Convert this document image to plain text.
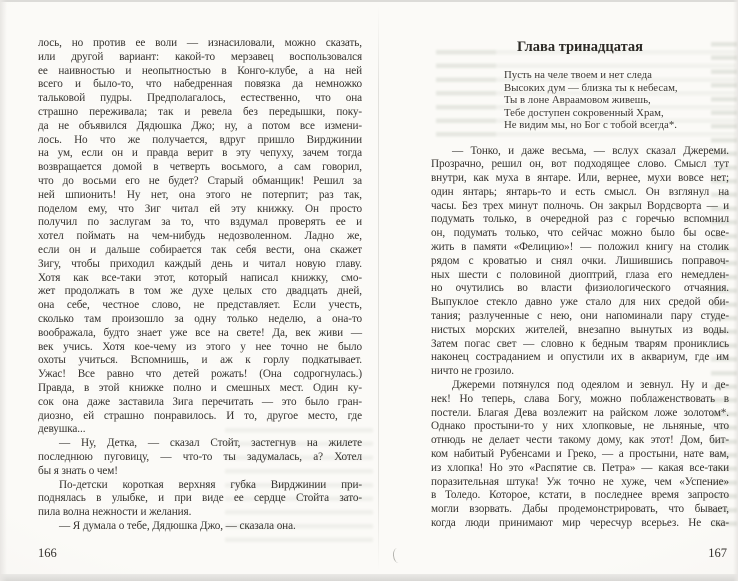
лось, но против ее воли — изнасиловали, можно сказать,
или другой вариант: какой-то мерзавец воспользовался
ее наивностью и неопытностью в Конго-клубе, а на ней
всего и было-то, что набедренная повязка да немножко
тальковой пудры. Предполагалось, естественно, что она
страшно переживала; так и ревела без передышки, поку-
да не объявился Дядюшка Джо; ну, а потом все измени-
лось. Но что же получается, вдруг пришло Вирджинии
на ум, если он и правда верит в эту чепуху, зачем тогда
возвращается домой в четверть восьмого, а сам говорил,
что до восьми его не будет? Старый обманщик! Решил за
ней шпионить! Ну нет, она этого не потерпит; раз так,
поделом ему, что Зиг читал ей эту книжку. Он просто
получил по заслугам за то, что вздумал проверять ее и
хотел поймать на чем-нибудь недозволенном. Ладно же,
если он и дальше собирается так себя вести, она скажет
Зигу, чтобы приходил каждый день и читал новую главу.
Хотя как все-таки этот, который написал книжку, смо-
жет продолжать в том же духе целых сто двадцать дней,
она себе, честное слово, не представляет. Если учесть,
сколько там произошло за одну только неделю, а она-то
воображала, будто знает уже все на свете! Да, век живи —
век учись. Хотя кое-чему из этого у нее точно не было
охоты учиться. Вспомнишь, и аж к горлу подкатывает.
Ужас! Все равно что детей рожать! (Она содрогнулась.)
Правда, в этой книжке полно и смешных мест. Один ку-
сок она даже заставила Зига перечитать — это было гран-
диозно, ей страшно понравилось. И то, другое место, где
девушка...
— Ну, Детка, — сказал Стойт, застегнув на жилете
последнюю пуговицу, — что-то ты задумалась, а? Хотел
бы я знать о чем!
По-детски короткая верхняя губка Вирджинии при-
поднялась в улыбке, и при виде ее сердце Стойта зато-
пила волна нежности и желания.
— Я думала о тебе, Дядюшка Джо, — сказала она.
166
Глава тринадцатая
Пусть на челе твоем и нет следа
Высоких дум — близка ты к небесам,
Ты в лоне Авраамовом живешь,
Тебе доступен сокровенный Храм,
Не видим мы, но Бог с тобой всегда*.
— Тонко, и даже весьма, — вслух сказал Джереми.
Прозрачно, решил он, вот подходящее слово. Смысл тут
внутри, как муха в янтаре. Или, вернее, мухи вовсе нет;
один янтарь; янтарь-то и есть смысл. Он взглянул на
часы. Без трех минут полночь. Он закрыл Вордсворта — и
подумать только, в очередной раз с горечью вспомнил
он, подумать только, что сейчас можно было бы осве-
жить в памяти «Фелицию»! — положил книгу на столик
рядом с кроватью и снял очки. Лишившись поправоч-
ных шести с половиной диоптрий, глаза его немедлен-
но очутились во власти физиологического отчаяния.
Выпуклое стекло давно уже стало для них средой оби-
тания; разлученные с нею, они напоминали пару студе-
нистых морских жителей, внезапно вынутых из воды.
Затем погас свет — словно к бедным тварям прониклись
наконец состраданием и опустили их в аквариум, где им
ничто не грозило.
Джереми потянулся под одеялом и зевнул. Ну и де-
нек! Но теперь, слава Богу, можно поблаженствовать в
постели. Благая Дева возлежит на райском ложе золотом*.
Однако простыни-то у них хлопковые, не льняные, что
отнюдь не делает чести такому дому, как этот! Дом, бит-
ком набитый Рубенсами и Греко, — а простыни, нате вам,
из хлопка! Но это «Распятие св. Петра» — какая все-таки
поразительная штука! Уж точно не хуже, чем «Успение»
в Толедо. Которое, кстати, в последнее время запросто
могли взорвать. Дабы продемонстрировать, что бывает,
когда люди принимают мир чересчур всерьез. Не ска-
167
